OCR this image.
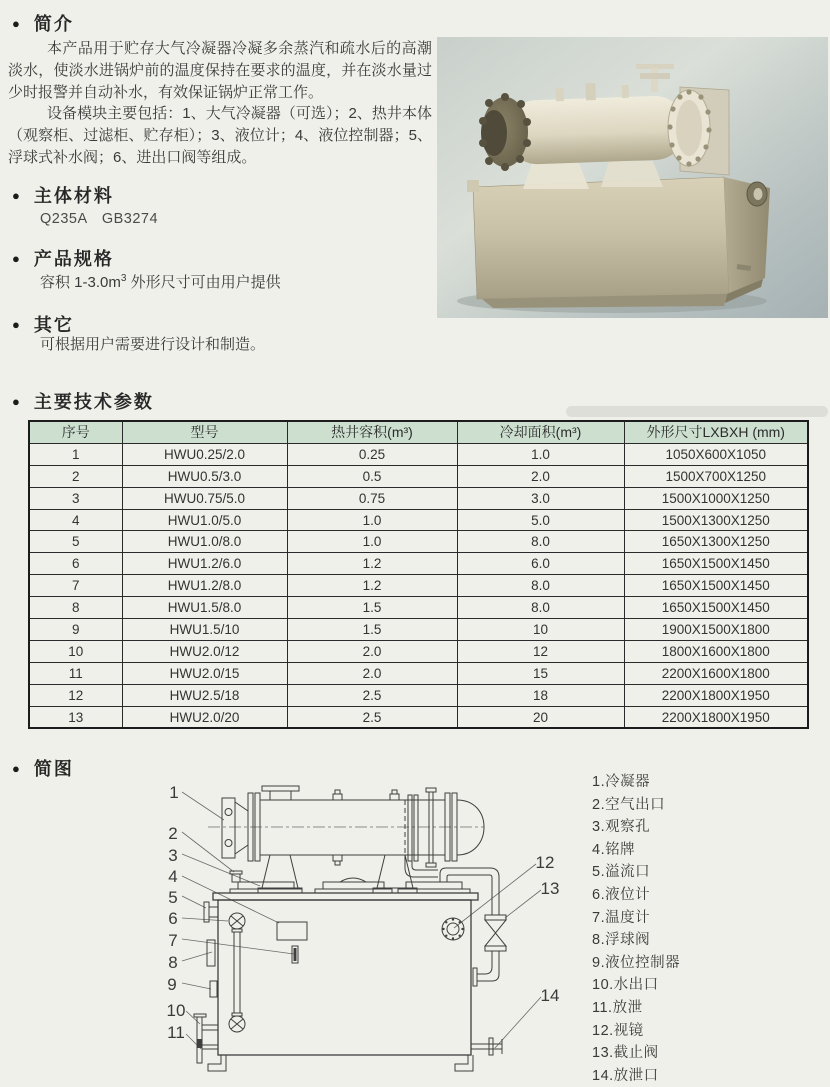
● 简介
本产品用于贮存大气冷凝器冷凝多余蒸汽和疏水后的高潮淡水，使淡水进锅炉前的温度保持在要求的温度，并在淡水量过少时报警并自动补水，有效保证锅炉正常工作。
设备模块主要包括：1、大气冷凝器（可选）；2、热井本体（观察柜、过滤柜、贮存柜）；3、液位计；4、液位控制器；5、浮球式补水阀；6、进出口阀等组成。
● 主体材料
Q235A　GB3274
● 产品规格
容积 $1-3.0m^3$ 外形尺寸可由用户提供
● 其它
可根据用户需要进行设计和制造。
● 主要技术参数
序号	型号	热井容积(m³)	冷却面积(m³)	外形尺寸LXBXH (mm)
1	HWU0.25/2.0	0.25	1.0	1050X600X1050
2	HWU0.5/3.0	0.5	2.0	1500X700X1250
3	HWU0.75/5.0	0.75	3.0	1500X1000X1250
4	HWU1.0/5.0	1.0	5.0	1500X1300X1250
5	HWU1.0/8.0	1.0	8.0	1650X1300X1250
6	HWU1.2/6.0	1.2	6.0	1650X1500X1450
7	HWU1.2/8.0	1.2	8.0	1650X1500X1450
8	HWU1.5/8.0	1.5	8.0	1650X1500X1450
9	HWU1.5/10	1.5	10	1900X1500X1800
10	HWU2.0/12	2.0	12	1800X1600X1800
11	HWU2.0/15	2.0	15	2200X1600X1800
12	HWU2.5/18	2.5	18	2200X1800X1950
13	HWU2.0/20	2.5	20	2200X1800X1950
● 简图
1
2
3
4
5
6
7
8
9
10
11
12
13
14
1.冷凝器
2.空气出口
3.观察孔
4.铭牌
5.溢流口
6.液位计
7.温度计
8.浮球阀
9.液位控制器
10.水出口
11.放泄
12.视镜
13.截止阀
14.放泄口
